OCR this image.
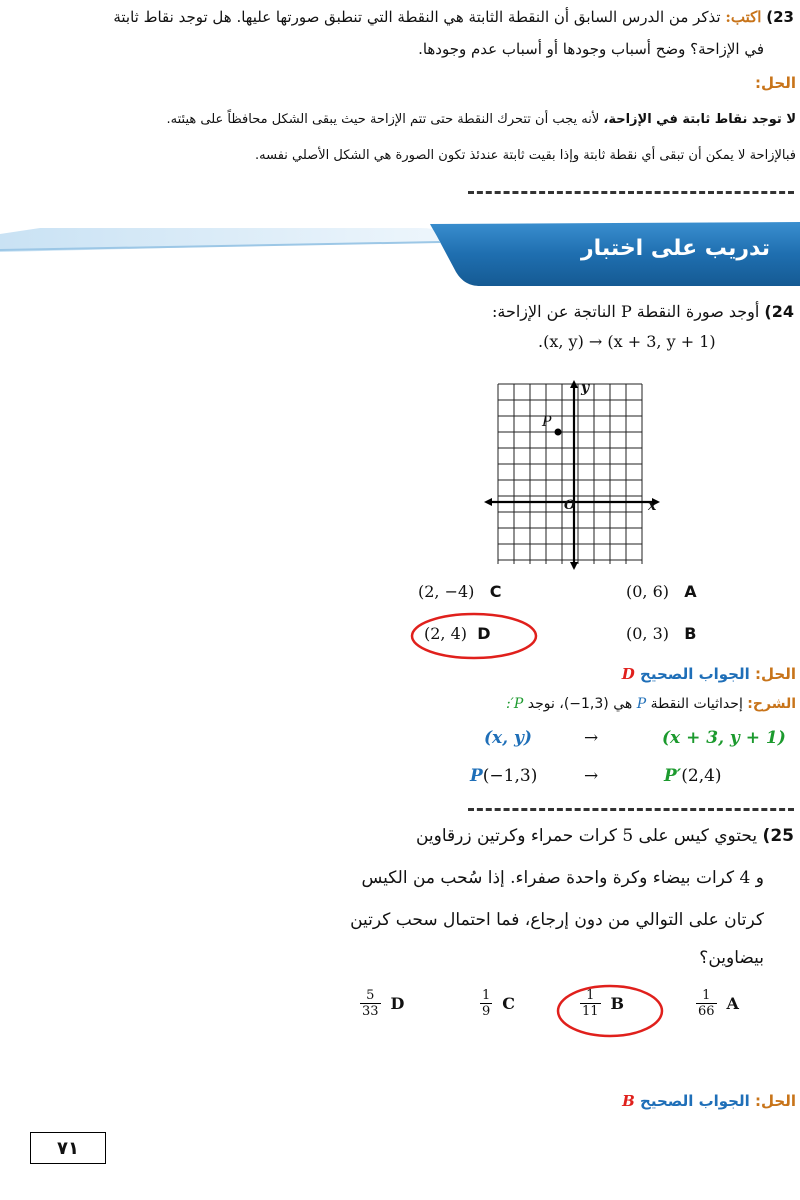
23) اكتب: تذكر من الدرس السابق أن النقطة الثابتة هي النقطة التي تنطبق صورتها عليها. هل توجد نقاط ثابتة
في الإزاحة؟ وضح أسباب وجودها أو أسباب عدم وجودها.
الحل:
لا توجد نقاط ثابتة في الإزاحة، لأنه يجب أن تتحرك النقطة حتى تتم الإزاحة حيث يبقى الشكل محافظاً على هيئته.
فبالإزاحة لا يمكن أن تبقى أي نقطة ثابتة وإذا بقيت ثابتة عندئذ تكون الصورة هي الشكل الأصلي نفسه.
تدريب على اختبار
24) أوجد صورة النقطة P الناتجة عن الإزاحة:
.(x, y) → (x + 3, y + 1)
y
x
O
P
(0, 6) A
(0, 3) B
(2, −4) C
(2, 4) D
الحل: الجواب الصحيح D
الشرح: إحداثيات النقطة P هي (1,3−)، نوجد P′:
(x, y)	→	(x + 3, y + 1)
P(−1,3)	→	P′(2,4)
25) يحتوي كيس على 5 كرات حمراء وكرتين زرقاوين
و 4 كرات بيضاء وكرة واحدة صفراء. إذا سُحب من الكيس
كرتان على التوالي من دون إرجاع، فما احتمال سحب كرتين
بيضاوين؟
1
66 A
1
11 B
1
9 C
5
33 D
الحل: الجواب الصحيح B
٧١
